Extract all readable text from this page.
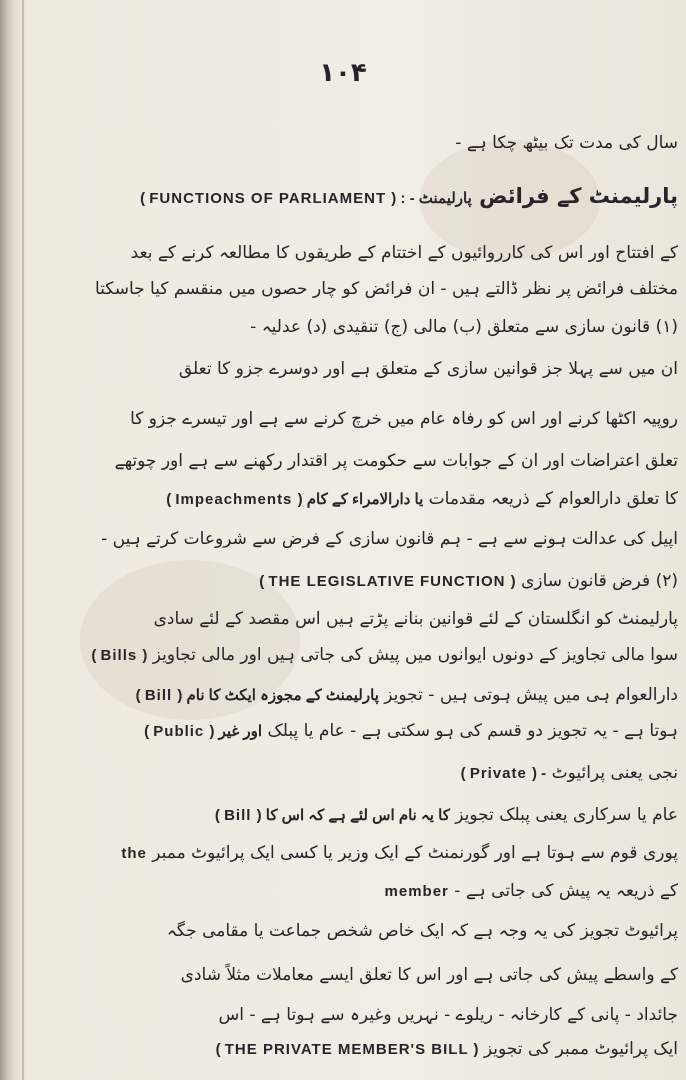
۱۰۴
سال کی مدت تک بیٹھ چکا ہے -
پارلیمنٹ کے فرائض ( FUNCTIONS OF PARLIAMENT ) : - پارلیمنٹ
کے افتتاح اور اس کی کارروائیوں کے اختتام کے طریقوں کا مطالعہ کرنے کے بعد
مختلف فرائض پر نظر ڈالتے ہیں - ان فرائض کو چار حصوں میں منقسم کیا جاسکتا
(۱) قانون سازی سے متعلق (ب) مالی (ج) تنقیدی (د) عدلیہ -
ان میں سے پہلا جز قوانین سازی کے متعلق ہے اور دوسرے جزو کا تعلق
روپیہ اکٹھا کرنے اور اس کو رفاہ عام میں خرچ کرنے سے ہے اور تیسرے جزو کا
تعلق اعتراضات اور ان کے جوابات سے حکومت پر اقتدار رکھنے سے ہے اور چوتھے
کا تعلق دارالعوام کے ذریعہ مقدمات ( Impeachments ) یا دارالامراء کے کام
اپیل کی عدالت ہونے سے ہے - ہم قانون سازی کے فرض سے شروعات کرتے ہیں -
(۲) فرض قانون سازی ( THE LEGISLATIVE FUNCTION )
پارلیمنٹ کو انگلستان کے لئے قوانین بنانے پڑتے ہیں اس مقصد کے لئے سادی
سوا مالی تجاویز کے دونوں ایوانوں میں پیش کی جاتی ہیں اور مالی تجاویز ( Bills )
دارالعوام ہی میں پیش ہوتی ہیں - تجویز ( Bill ) پارلیمنٹ کے مجوزہ ایکٹ کا نام
ہوتا ہے - یہ تجویز دو قسم کی ہو سکتی ہے - عام یا پبلک ( Public ) اور غیر
نجی یعنی پرائیوٹ ( Private ) -
عام یا سرکاری یعنی پبلک تجویز ( Bill ) کا یہ نام اس لئے ہے کہ اس کا
پوری قوم سے ہوتا ہے اور گورنمنٹ کے ایک وزیر یا کسی ایک پرائیوٹ ممبر the
کے ذریعہ یہ پیش کی جاتی ہے - member
پرائیوٹ تجویز کی یہ وجہ ہے کہ ایک خاص شخص جماعت یا مقامی جگہ
کے واسطے پیش کی جاتی ہے اور اس کا تعلق ایسے معاملات مثلاً شادی
جائداد - پانی کے کارخانہ - ریلوے - نہریں وغیرہ سے ہوتا ہے - اس
ایک پرائیوٹ ممبر کی تجویز ( THE PRIVATE MEMBER'S BILL )
